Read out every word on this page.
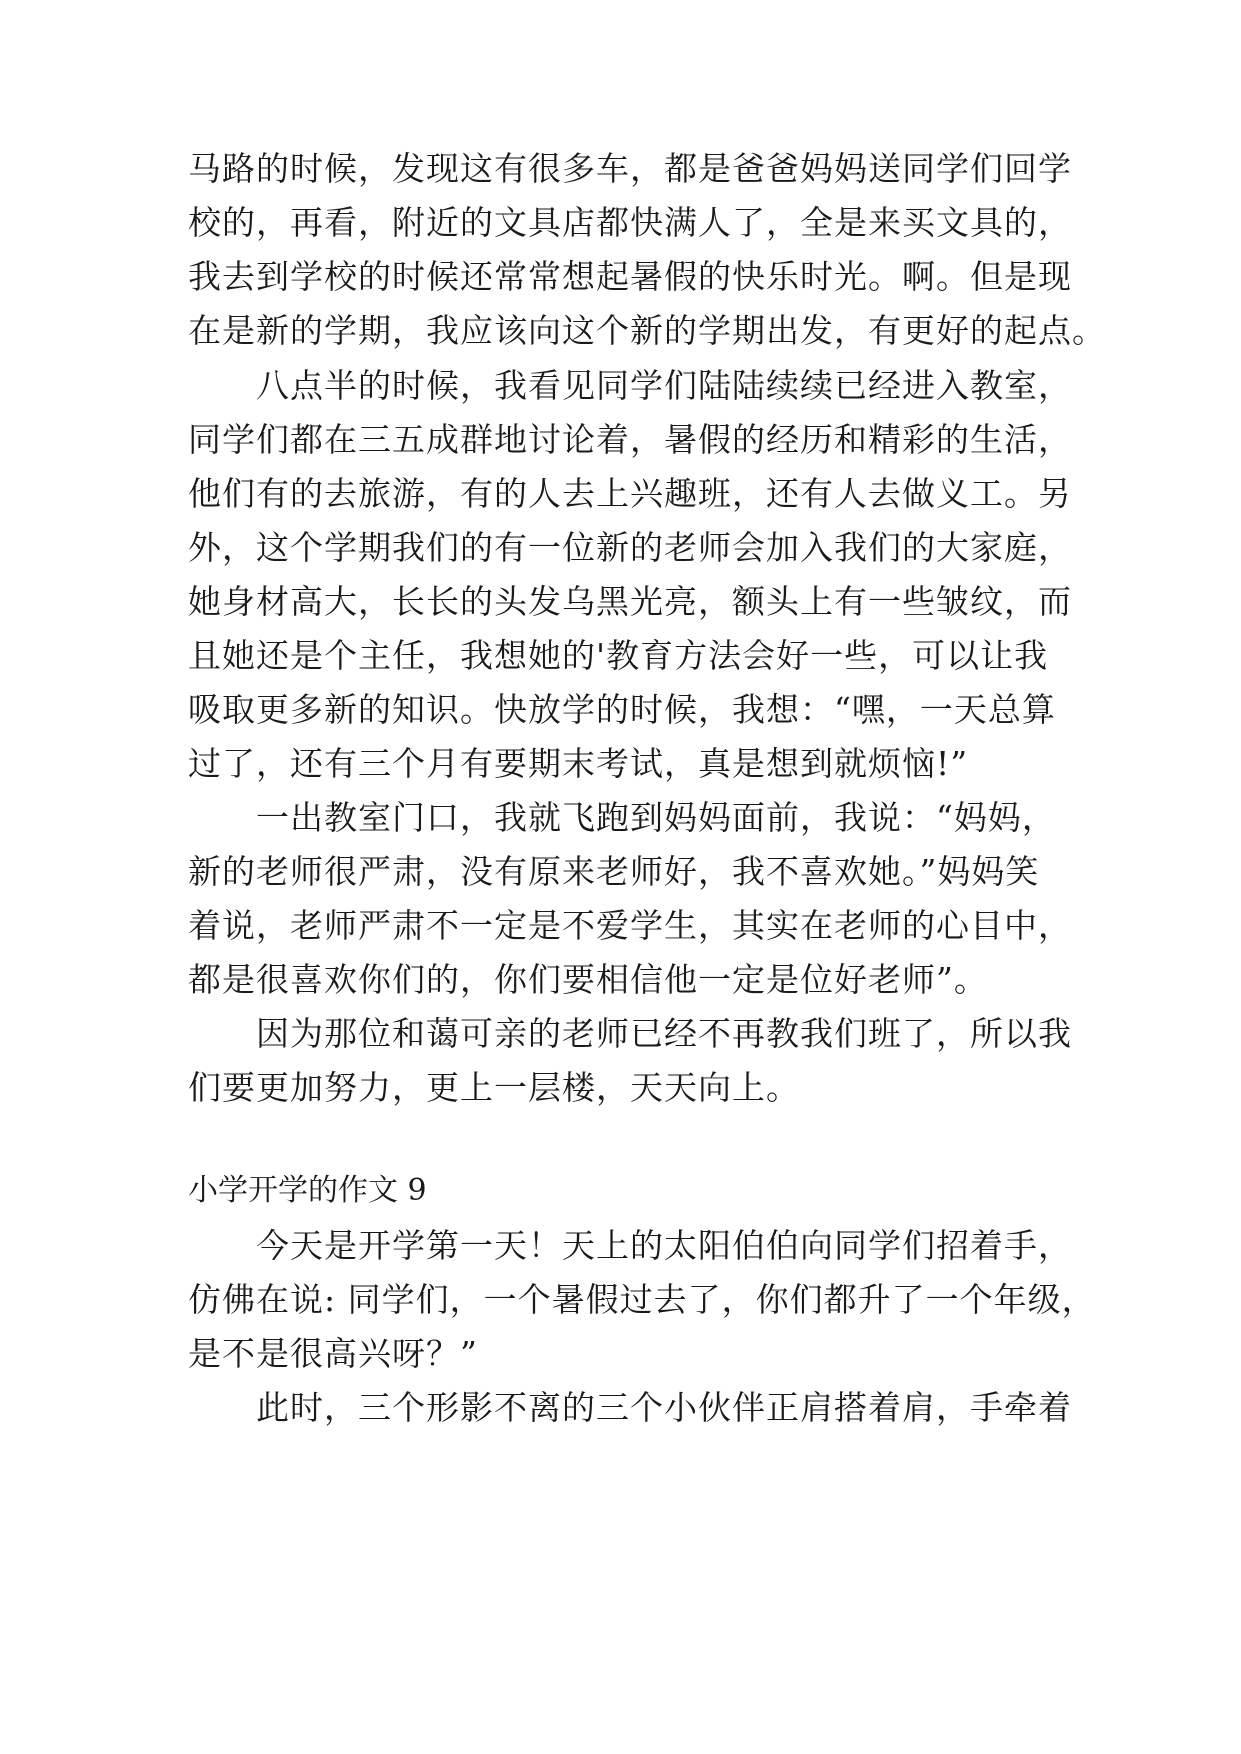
马路的时候，发现这有很多车，都是爸爸妈妈送同学们回学
校的，再看，附近的文具店都快满人了，全是来买文具的，
我去到学校的时候还常常想起暑假的快乐时光。啊。但是现
在是新的学期，我应该向这个新的学期出发，有更好的起点。
八点半的时候，我看见同学们陆陆续续已经进入教室，
同学们都在三五成群地讨论着，暑假的经历和精彩的生活，
他们有的去旅游，有的人去上兴趣班，还有人去做义工。另
外，这个学期我们的有一位新的老师会加入我们的大家庭，
她身材高大，长长的头发乌黑光亮，额头上有一些皱纹，而
且她还是个主任，我想她的'教育方法会好一些，可以让我
吸取更多新的知识。快放学的时候，我想：“嘿，一天总算
过了，还有三个月有要期末考试，真是想到就烦恼!”
一出教室门口，我就飞跑到妈妈面前，我说：“妈妈，
新的老师很严肃，没有原来老师好，我不喜欢她。”妈妈笑
着说，老师严肃不一定是不爱学生，其实在老师的心目中，
都是很喜欢你们的，你们要相信他一定是位好老师”。
因为那位和蔼可亲的老师已经不再教我们班了，所以我
们要更加努力，更上一层楼，天天向上。
小学开学的作文 9
今天是开学第一天！天上的太阳伯伯向同学们招着手，
仿佛在说: 同学们，一个暑假过去了，你们都升了一个年级，
是不是很高兴呀？”
此时，三个形影不离的三个小伙伴正肩搭着肩，手牵着
